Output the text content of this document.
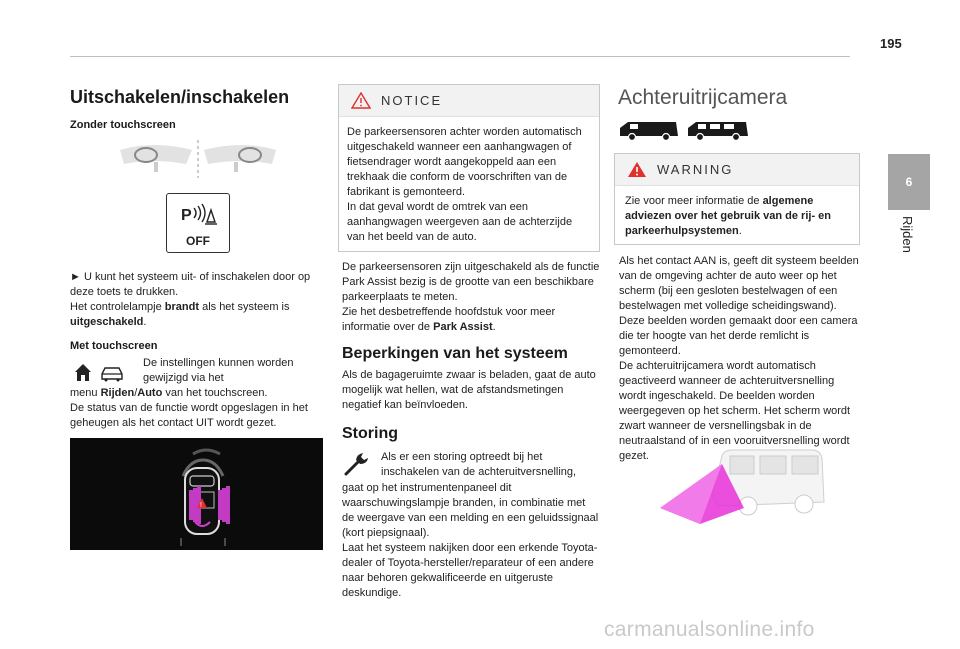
195
6
Rijden
Uitschakelen/inschakelen
Zonder touchscreen
P
OFF

► U kunt het systeem uit- of inschakelen door op deze toets te drukken.

Het controlelampje brandt als het systeem is uitgeschakeld.

Met touchscreen
De instellingen kunnen worden gewijzigd via het

menu Rijden/Auto van het touchscreen.

De status van de functie wordt opgeslagen in het geheugen als het contact UIT wordt gezet.

!
NOTICE

De parkeersensoren achter worden automatisch uitgeschakeld wanneer een aanhangwagen of fietsendrager wordt aangekoppeld aan een trekhaak die conform de voorschriften van de fabrikant is gemonteerd.

In dat geval wordt de omtrek van een aanhangwagen weergeven aan de achterzijde van het beeld van de auto.

De parkeersensoren zijn uitgeschakeld als de functie Park Assist bezig is de grootte van een beschikbare parkeerplaats te meten.

Zie het desbetreffende hoofdstuk voor meer informatie over de Park Assist.

Beperkingen van het systeem

Als de bagageruimte zwaar is beladen, gaat de auto mogelijk wat hellen, wat de afstandsmetingen negatief kan beïnvloeden.

Storing
Als er een storing optreedt bij het inschakelen van de achteruitversnelling,

gaat op het instrumentenpaneel dit waarschuwingslampje branden, in combinatie met de weergave van een melding en een geluidssignaal (kort piepsignaal).

Laat het systeem nakijken door een erkende Toyota-dealer of Toyota-hersteller/reparateur of een andere naar behoren gekwalificeerde en uitgeruste deskundige.

Achteruitrijcamera
WARNING

Zie voor meer informatie de algemene adviezen over het gebruik van de rij- en parkeerhulpsystemen.

Als het contact AAN is, geeft dit systeem beelden van de omgeving achter de auto weer op het scherm (bij een gesloten bestelwagen of een bestelwagen met volledige scheidingswand). Deze beelden worden gemaakt door een camera die ter hoogte van het derde remlicht is gemonteerd.

De achteruitrijcamera wordt automatisch geactiveerd wanneer de achteruitversnelling wordt ingeschakeld. De beelden worden weergegeven op het scherm. Het scherm wordt zwart wanneer de versnellingsbak in de neutraalstand of in een vooruitversnelling wordt gezet.

carmanualsonline.info
